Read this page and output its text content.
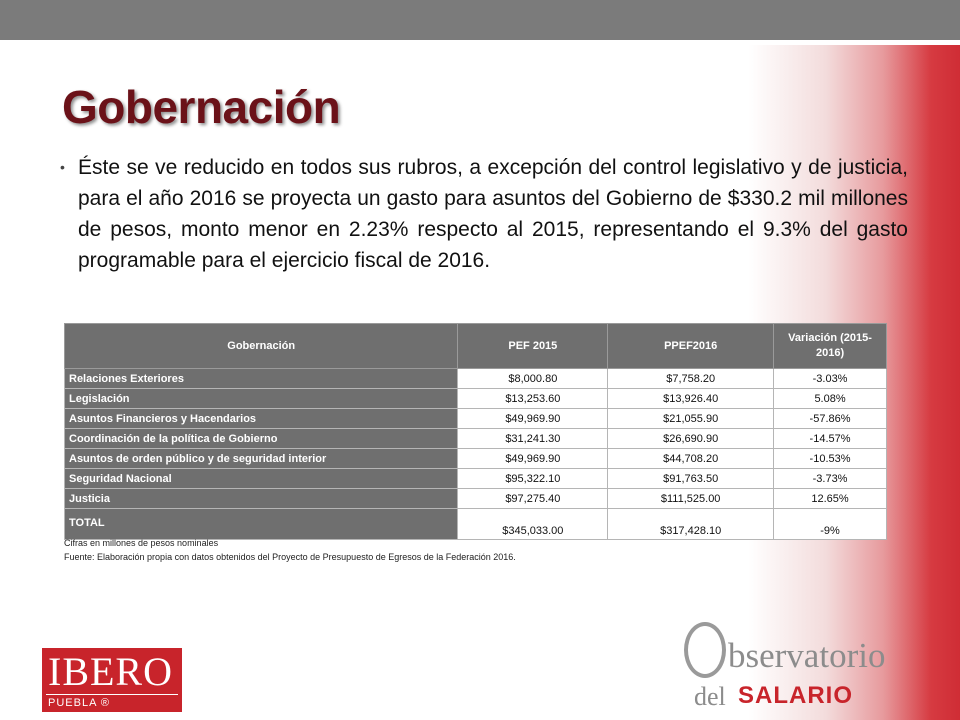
Gobernación
• Éste se ve reducido en todos sus rubros, a excepción del control legislativo y de justicia, para el año 2016 se proyecta un gasto para asuntos del Gobierno de $330.2 mil millones de pesos, monto menor en 2.23% respecto al 2015, representando el 9.3% del gasto programable para el ejercicio fiscal de 2016.
Gobernación	PEF 2015	PPEF2016	Variación (2015-2016)
Relaciones Exteriores	$8,000.80	$7,758.20	-3.03%
Legislación	$13,253.60	$13,926.40	5.08%
Asuntos Financieros y Hacendarios	$49,969.90	$21,055.90	-57.86%
Coordinación de la política de Gobierno	$31,241.30	$26,690.90	-14.57%
Asuntos de orden público y de seguridad interior	$49,969.90	$44,708.20	-10.53%
Seguridad Nacional	$95,322.10	$91,763.50	-3.73%
Justicia	$97,275.40	$111,525.00	12.65%
TOTAL	$345,033.00	$317,428.10	-9%
Cifras en millones de pesos nominales
Fuente: Elaboración propia con datos obtenidos del Proyecto de Presupuesto de Egresos de la Federación 2016.
IBERO
PUEBLA ®
bservatorio
del SALARIO
